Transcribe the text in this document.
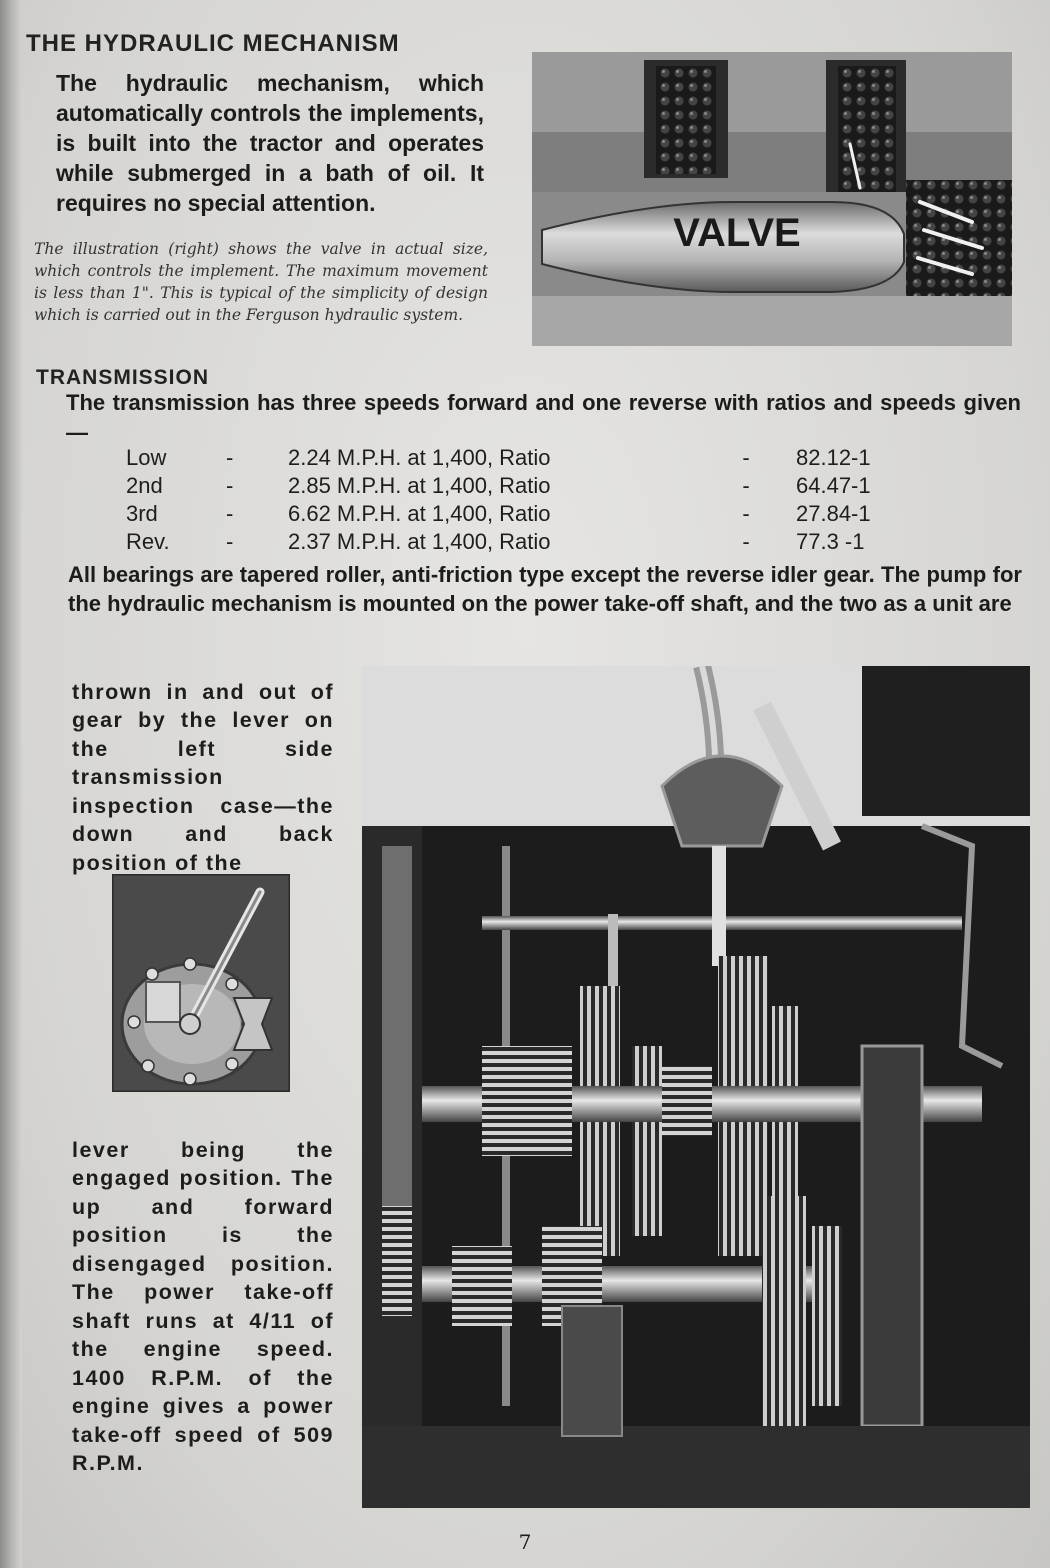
THE HYDRAULIC MECHANISM

The hydraulic mechanism, which automatically controls the implements, is built into the tractor and operates while submerged in a bath of oil. It requires no special attention.

The illustration (right) shows the valve in actual size, which controls the implement. The maximum movement is less than 1". This is typical of the simplicity of design which is carried out in the Ferguson hydraulic system.

VALVE
TRANSMISSION

The transmission has three speeds forward and one reverse with ratios and speeds given—

Low	-	2.24 M.P.H. at 1,400, Ratio	-	82.12-1
2nd	-	2.85 M.P.H. at 1,400, Ratio	-	64.47-1
3rd	-	6.62 M.P.H. at 1,400, Ratio	-	27.84-1
Rev.	-	2.37 M.P.H. at 1,400, Ratio	-	77.3 -1

All bearings are tapered roller, anti-friction type except the reverse idler gear. The pump for the hydraulic mechanism is mounted on the power take-off shaft, and the two as a unit are

thrown in and out of gear by the lever on the left side transmission inspection case—the down and back position of the

lever being the engaged position. The up and forward position is the disengaged position. The power take-off shaft runs at 4/11 of the engine speed. 1400 R.P.M. of the engine gives a power take-off speed of 509 R.P.M.

7
